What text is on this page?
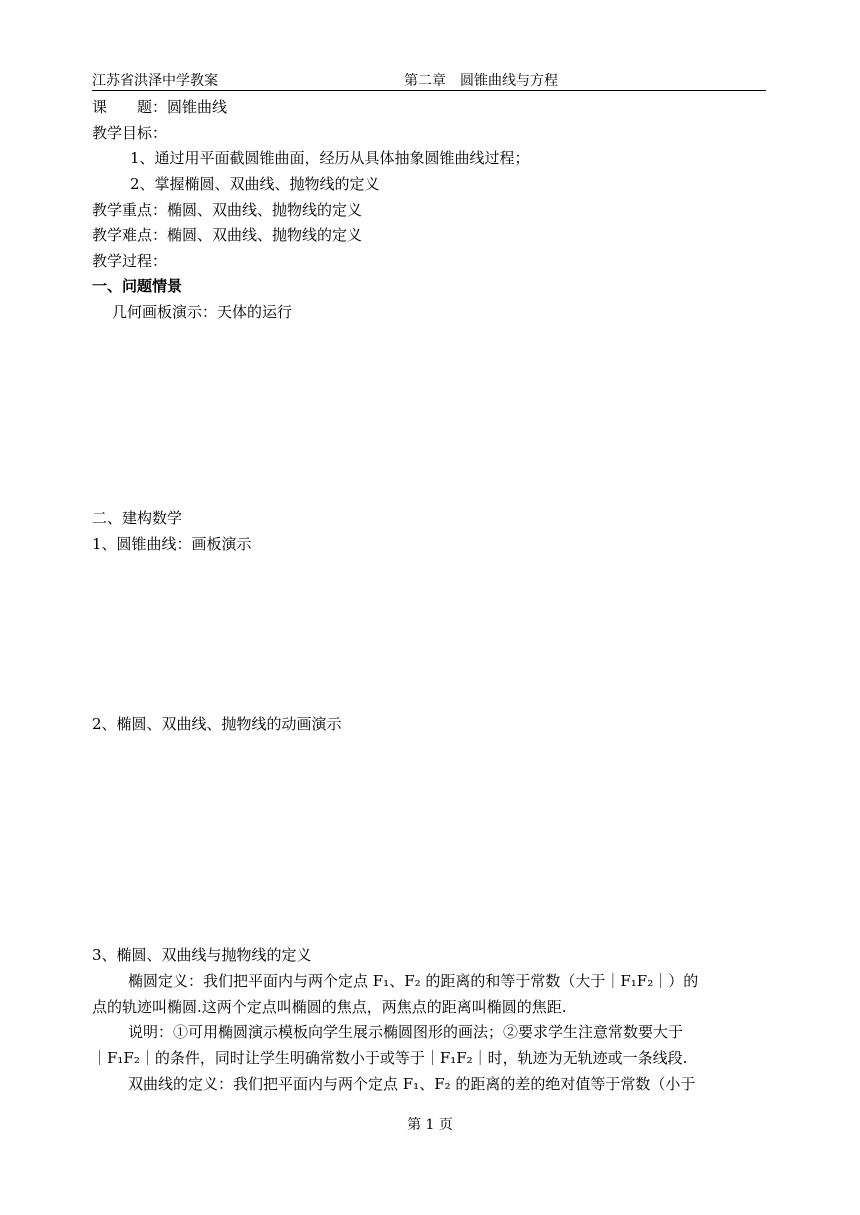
江苏省洪泽中学教案	第二章　圆锥曲线与方程
课　　题：圆锥曲线
教学目标：
1、通过用平面截圆锥曲面，经历从具体抽象圆锥曲线过程；
2、掌握椭圆、双曲线、抛物线的定义
教学重点：椭圆、双曲线、抛物线的定义
教学难点：椭圆、双曲线、抛物线的定义
教学过程：
一、问题情景
几何画板演示：天体的运行
二、建构数学
1、圆锥曲线：画板演示
2、椭圆、双曲线、抛物线的动画演示
3、椭圆、双曲线与抛物线的定义
椭圆定义：我们把平面内与两个定点 F₁、F₂ 的距离的和等于常数（大于｜F₁F₂｜）的
点的轨迹叫椭圆.这两个定点叫椭圆的焦点，两焦点的距离叫椭圆的焦距.
说明：①可用椭圆演示模板向学生展示椭圆图形的画法；②要求学生注意常数要大于
｜F₁F₂｜的条件，同时让学生明确常数小于或等于｜F₁F₂｜时，轨迹为无轨迹或一条线段.
双曲线的定义：我们把平面内与两个定点 F₁、F₂ 的距离的差的绝对值等于常数（小于
第 1 页
